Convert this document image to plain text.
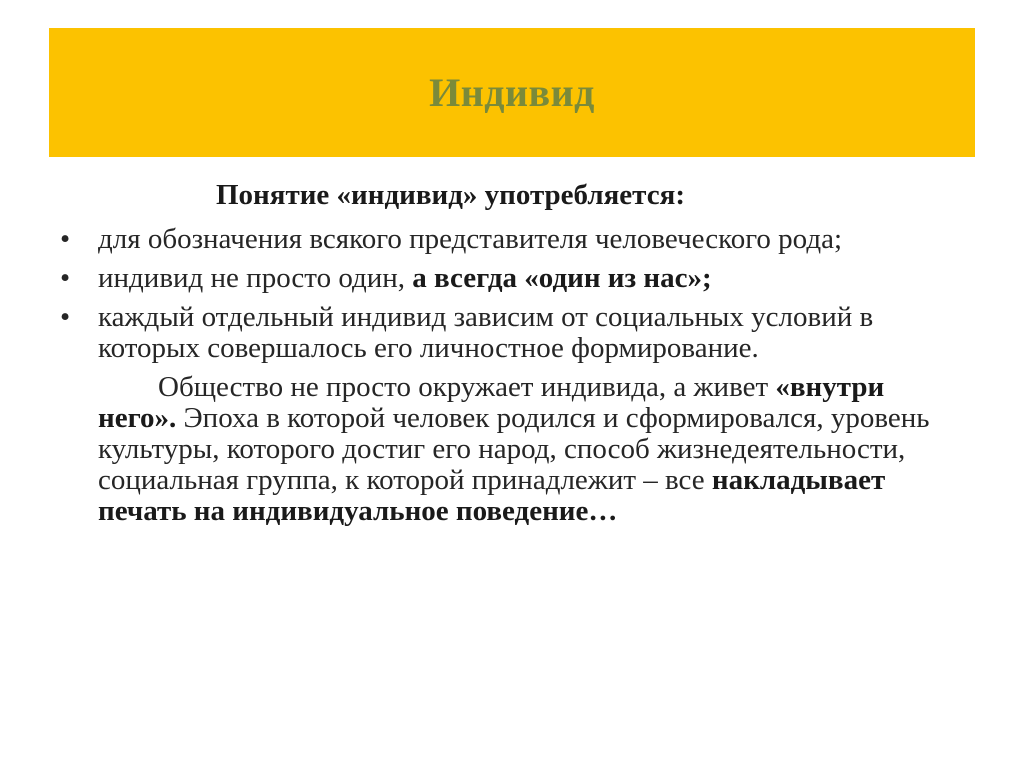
Индивид
Понятие «индивид» употребляется:
• для обозначения всякого представителя человеческого рода;
• индивид не просто один, а всегда «один из нас»;
• каждый отдельный индивид зависим от социальных условий в которых совершалось его личностное формирование.
Общество не просто окружает индивида, а живет «внутри него». Эпоха в которой человек родился и сформировался, уровень культуры, которого достиг его народ, способ жизнедеятельности, социальная группа, к которой принадлежит – все накладывает печать на индивидуальное поведение…
